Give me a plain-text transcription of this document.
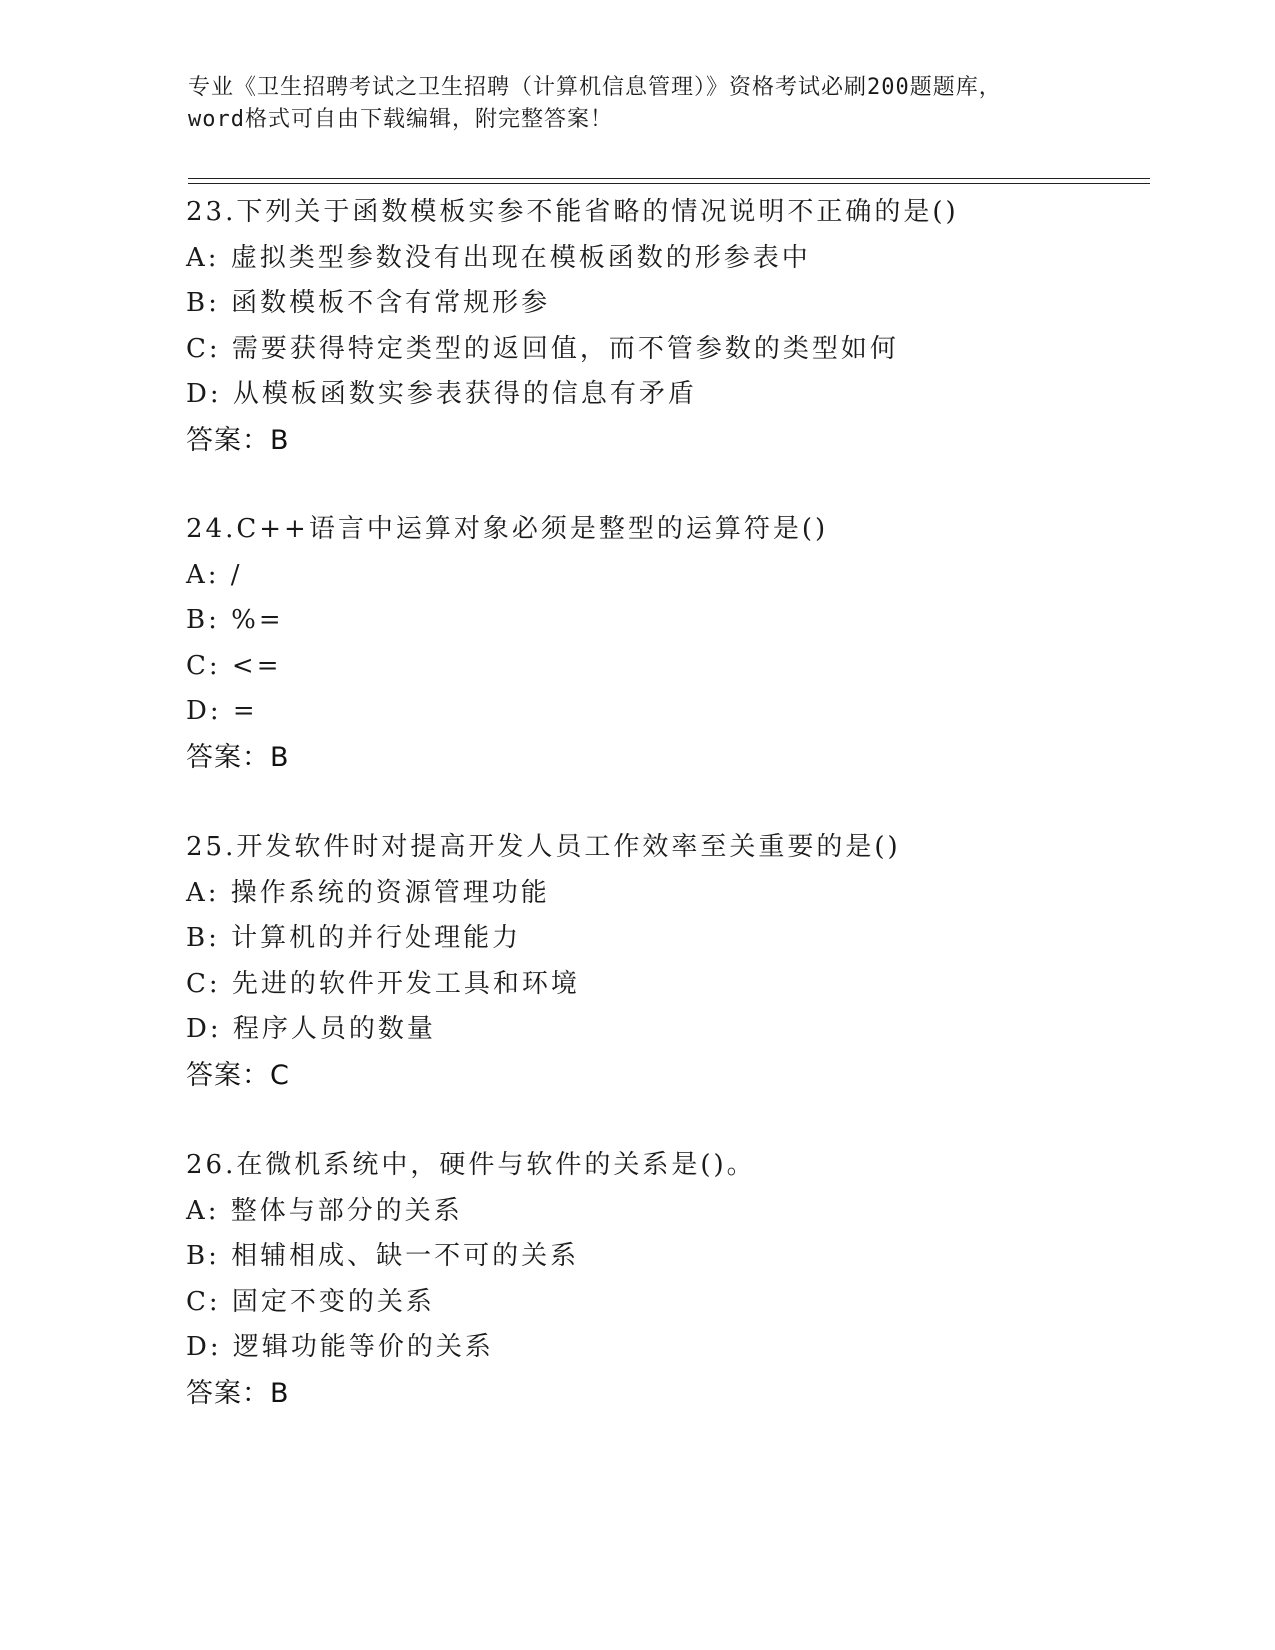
专业《卫生招聘考试之卫生招聘（计算机信息管理）》资格考试必刷200题题库，
word格式可自由下载编辑，附完整答案！
23.下列关于函数模板实参不能省略的情况说明不正确的是()
A: 虚拟类型参数没有出现在模板函数的形参表中
B: 函数模板不含有常规形参
C: 需要获得特定类型的返回值，而不管参数的类型如何
D: 从模板函数实参表获得的信息有矛盾
答案：B
24.C++语言中运算对象必须是整型的运算符是()
A: /
B: %=
C: <=
D: =
答案：B
25.开发软件时对提高开发人员工作效率至关重要的是()
A: 操作系统的资源管理功能
B: 计算机的并行处理能力
C: 先进的软件开发工具和环境
D: 程序人员的数量
答案：C
26.在微机系统中，硬件与软件的关系是()。
A: 整体与部分的关系
B: 相辅相成、缺一不可的关系
C: 固定不变的关系
D: 逻辑功能等价的关系
答案：B
